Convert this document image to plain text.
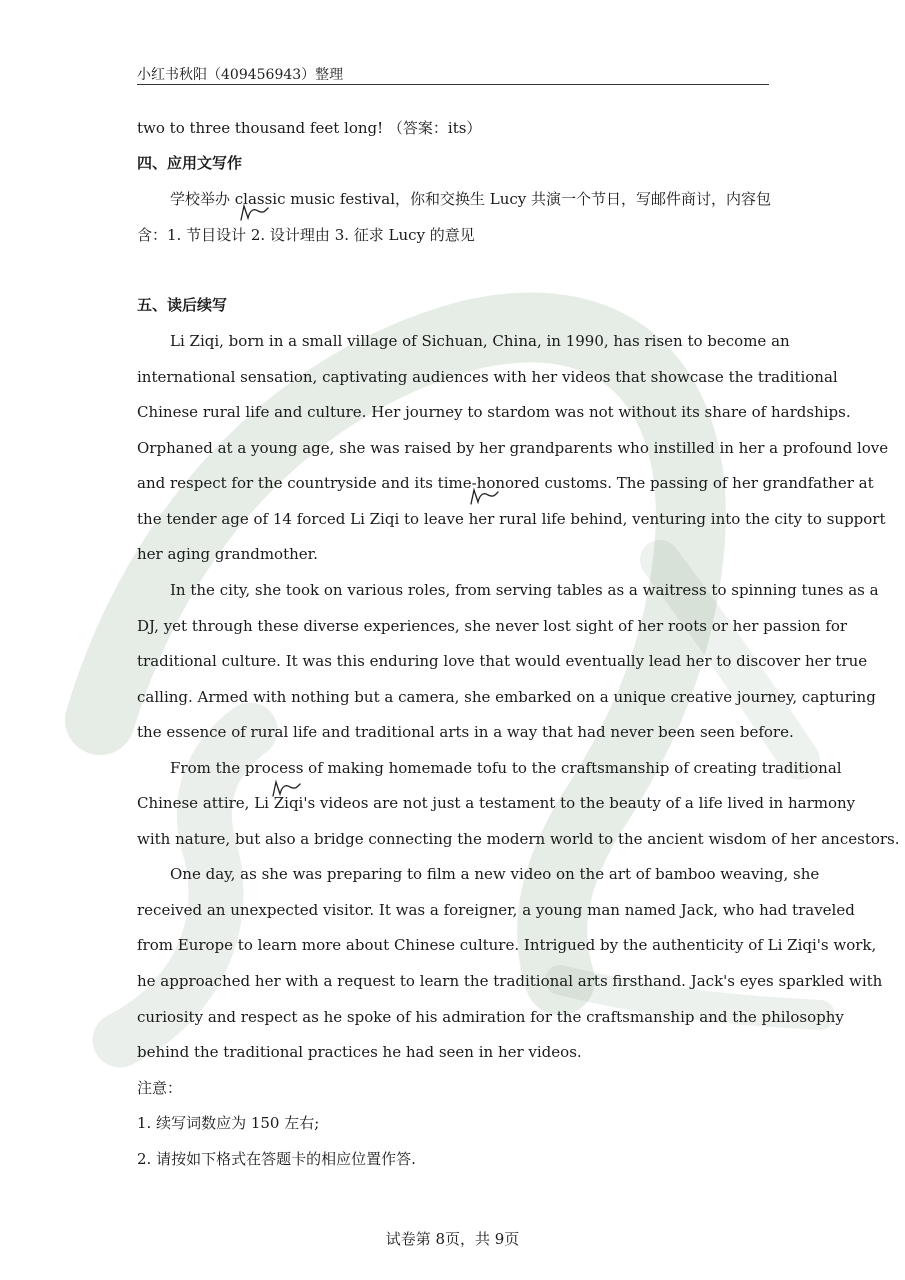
小红书秋阳（409456943）整理
two to three thousand feet long! （答案：its）
四、应用文写作
学校举办 classic music festival，你和交换生 Lucy 共演一个节日，写邮件商讨，内容包
含：1. 节目设计 2. 设计理由 3. 征求 Lucy 的意见
五、读后续写
Li Ziqi, born in a small village of Sichuan, China, in 1990, has risen to become an
international sensation, captivating audiences with her videos that showcase the traditional
Chinese rural life and culture. Her journey to stardom was not without its share of hardships.
Orphaned at a young age, she was raised by her grandparents who instilled in her a profound love
and respect for the countryside and its time-honored customs. The passing of her grandfather at
the tender age of 14 forced Li Ziqi to leave her rural life behind, venturing into the city to support
her aging grandmother.
In the city, she took on various roles, from serving tables as a waitress to spinning tunes as a
DJ, yet through these diverse experiences, she never lost sight of her roots or her passion for
traditional culture. It was this enduring love that would eventually lead her to discover her true
calling. Armed with nothing but a camera, she embarked on a unique creative journey, capturing
the essence of rural life and traditional arts in a way that had never been seen before.
From the process of making homemade tofu to the craftsmanship of creating traditional
Chinese attire, Li Ziqi's videos are not just a testament to the beauty of a life lived in harmony
with nature, but also a bridge connecting the modern world to the ancient wisdom of her ancestors.
One day, as she was preparing to film a new video on the art of bamboo weaving, she
received an unexpected visitor. It was a foreigner, a young man named Jack, who had traveled
from Europe to learn more about Chinese culture. Intrigued by the authenticity of Li Ziqi's work,
he approached her with a request to learn the traditional arts firsthand. Jack's eyes sparkled with
curiosity and respect as he spoke of his admiration for the craftsmanship and the philosophy
behind the traditional practices he had seen in her videos.
注意：
1. 续写词数应为 150 左右;
2. 请按如下格式在答题卡的相应位置作答.
试卷第 8页，共 9页
